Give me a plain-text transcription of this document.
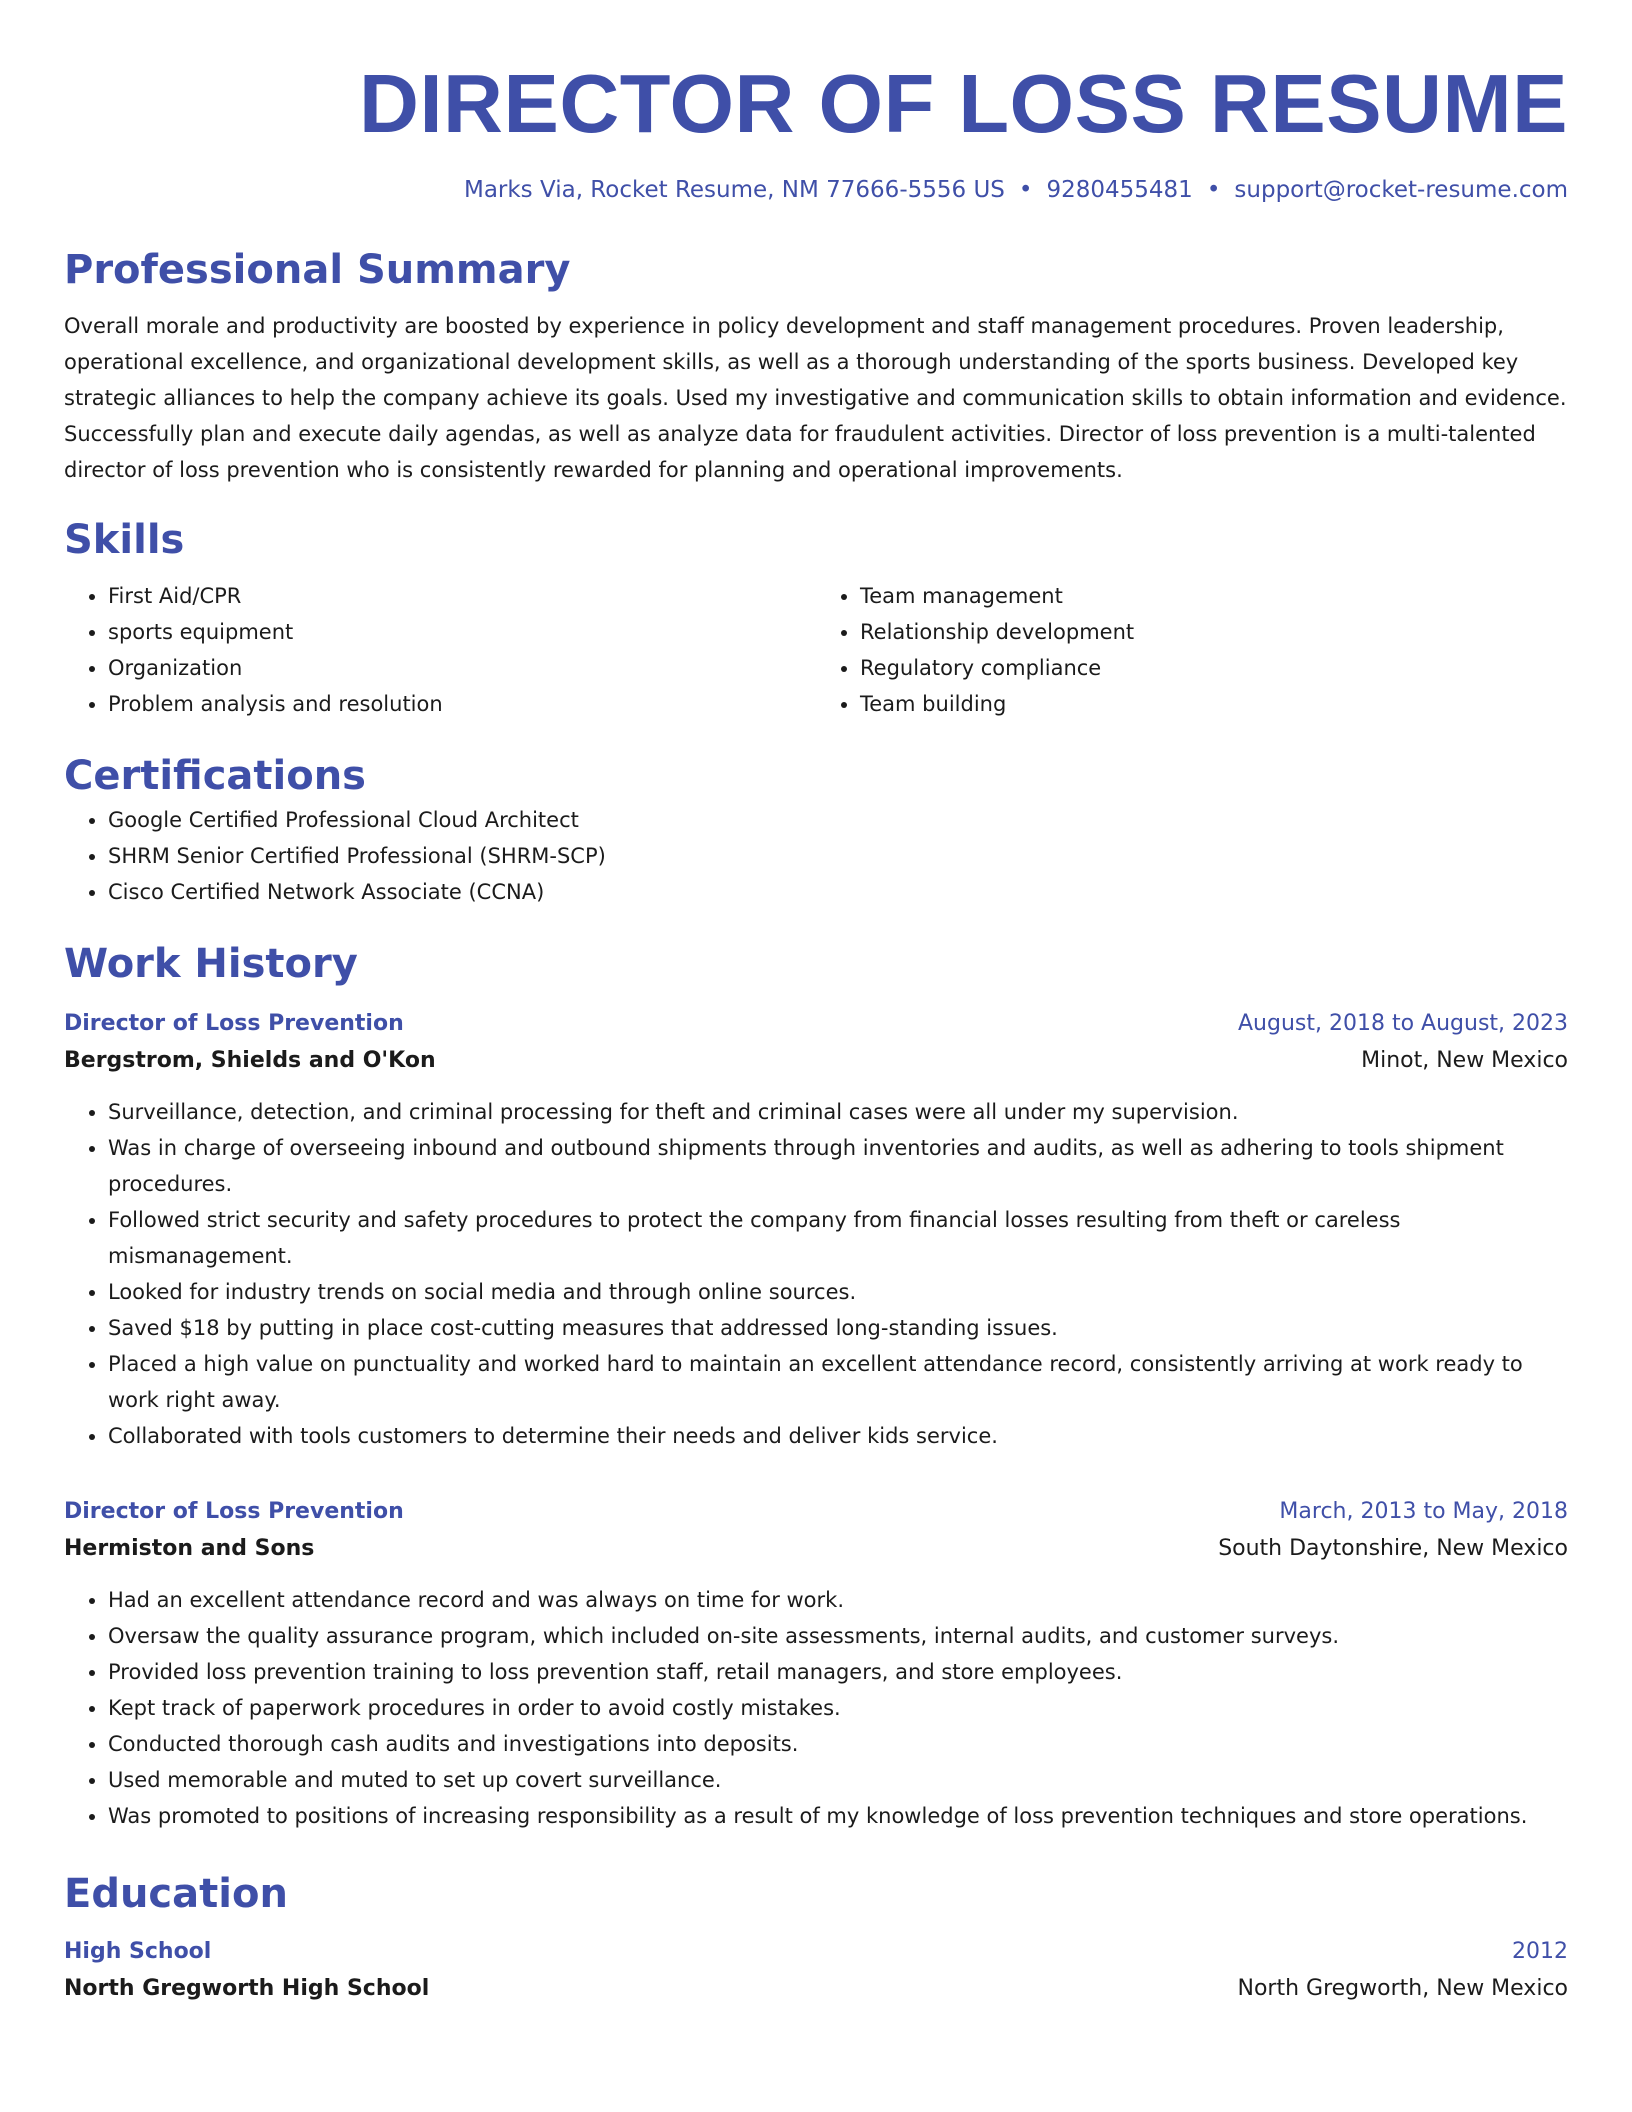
DIRECTOR OF LOSS RESUME
Marks Via, Rocket Resume, NM 77666-5556 US • 9280455481 • support@rocket-resume.com
Professional Summary

Overall morale and productivity are boosted by experience in policy development and staff management procedures. Proven leadership, operational excellence, and organizational development skills, as well as a thorough understanding of the sports business. Developed key strategic alliances to help the company achieve its goals. Used my investigative and communication skills to obtain information and evidence. Successfully plan and execute daily agendas, as well as analyze data for fraudulent activities. Director of loss prevention is a multi-talented director of loss prevention who is consistently rewarded for planning and operational improvements.

Skills
• First Aid/CPR
• sports equipment
• Organization
• Problem analysis and resolution
• Team management
• Relationship development
• Regulatory compliance
• Team building
Certifications
• Google Certified Professional Cloud Architect
• SHRM Senior Certified Professional (SHRM-SCP)
• Cisco Certified Network Associate (CCNA)
Work History
Director of Loss Prevention	August, 2018 to August, 2023
Bergstrom, Shields and O'Kon	Minot, New Mexico
• Surveillance, detection, and criminal processing for theft and criminal cases were all under my supervision.
• Was in charge of overseeing inbound and outbound shipments through inventories and audits, as well as adhering to tools shipment procedures.
• Followed strict security and safety procedures to protect the company from financial losses resulting from theft or careless mismanagement.
• Looked for industry trends on social media and through online sources.
• Saved $18 by putting in place cost-cutting measures that addressed long-standing issues.
• Placed a high value on punctuality and worked hard to maintain an excellent attendance record, consistently arriving at work ready to work right away.
• Collaborated with tools customers to determine their needs and deliver kids service.
Director of Loss Prevention	March, 2013 to May, 2018
Hermiston and Sons	South Daytonshire, New Mexico
• Had an excellent attendance record and was always on time for work.
• Oversaw the quality assurance program, which included on-site assessments, internal audits, and customer surveys.
• Provided loss prevention training to loss prevention staff, retail managers, and store employees.
• Kept track of paperwork procedures in order to avoid costly mistakes.
• Conducted thorough cash audits and investigations into deposits.
• Used memorable and muted to set up covert surveillance.
• Was promoted to positions of increasing responsibility as a result of my knowledge of loss prevention techniques and store operations.
Education
High School	2012
North Gregworth High School	North Gregworth, New Mexico
